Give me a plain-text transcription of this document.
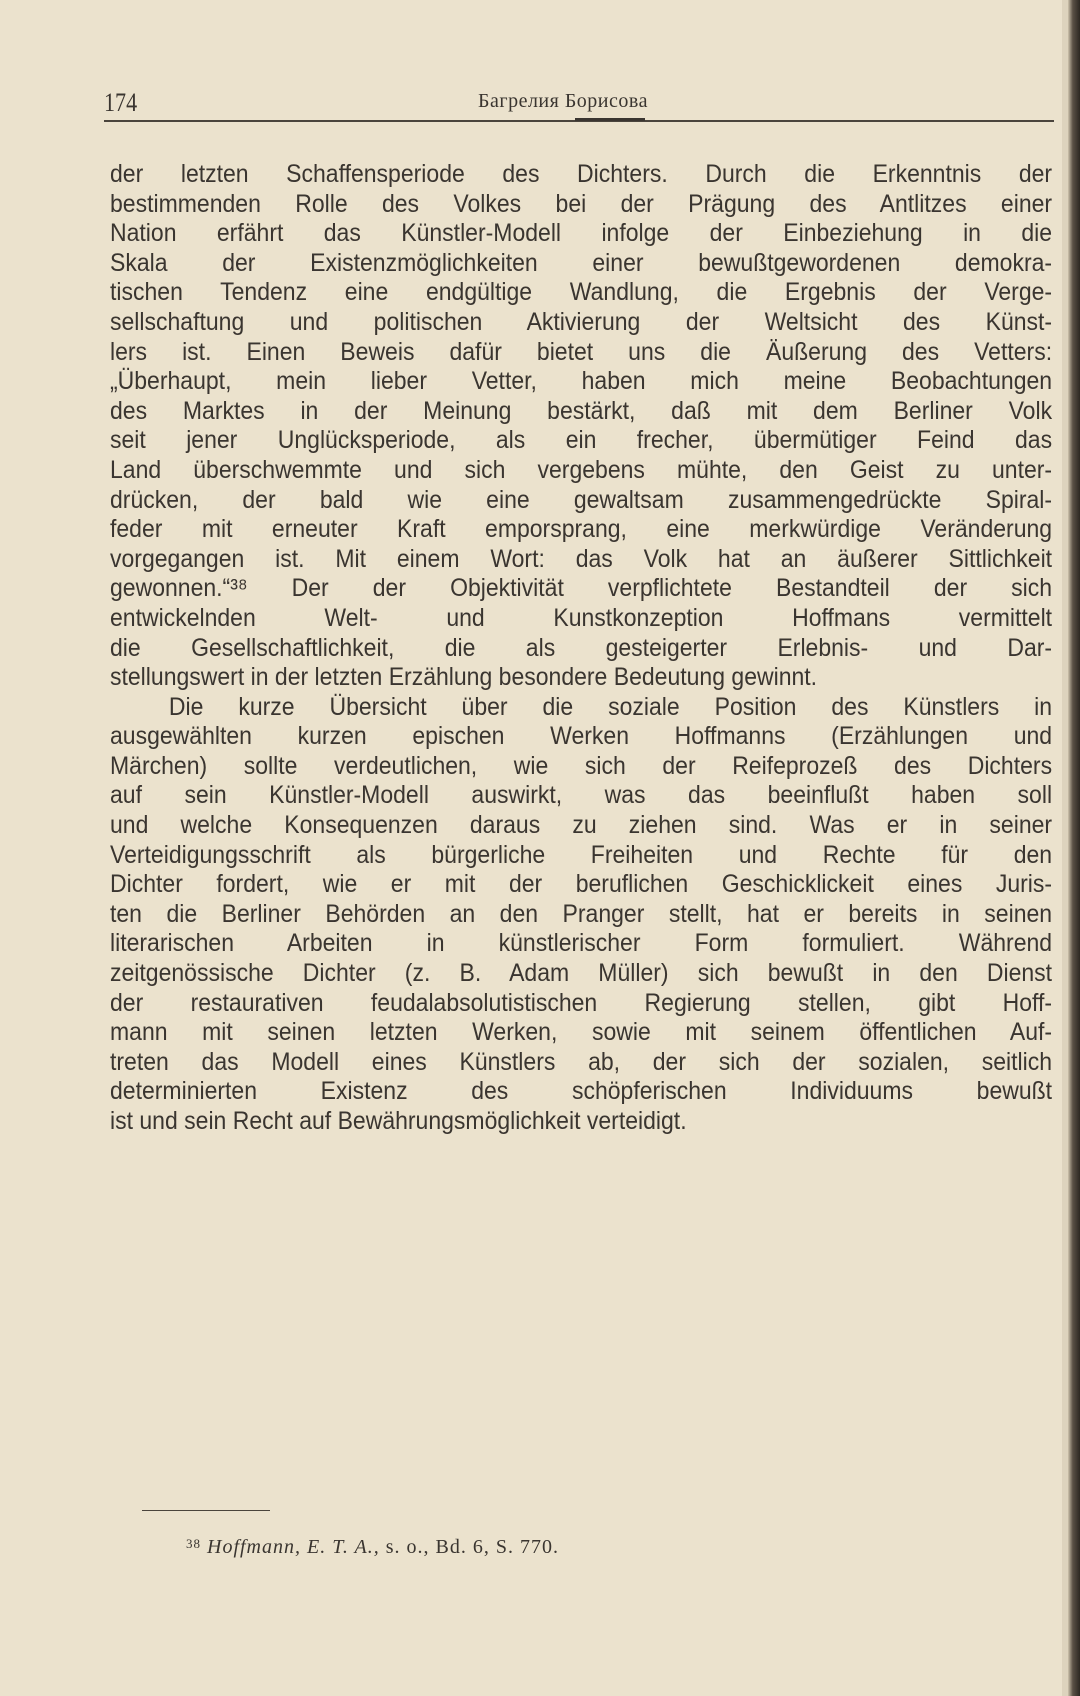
174	Багрелия Борисова
der letzten Schaffensperiode des Dichters. Durch die Erkenntnis der
bestimmenden Rolle des Volkes bei der Prägung des Antlitzes einer
Nation erfährt das Künstler-Modell infolge der Einbeziehung in die
Skala der Existenzmöglichkeiten einer bewußtgewordenen demokra-
tischen Tendenz eine endgültige Wandlung, die Ergebnis der Verge-
sellschaftung und politischen Aktivierung der Weltsicht des Künst-
lers ist. Einen Beweis dafür bietet uns die Äußerung des Vetters:
„Überhaupt, mein lieber Vetter, haben mich meine Beobachtungen
des Marktes in der Meinung bestärkt, daß mit dem Berliner Volk
seit jener Unglücksperiode, als ein frecher, übermütiger Feind das
Land überschwemmte und sich vergebens mühte, den Geist zu unter-
drücken, der bald wie eine gewaltsam zusammengedrückte Spiral-
feder mit erneuter Kraft emporsprang, eine merkwürdige Veränderung
vorgegangen ist. Mit einem Wort: das Volk hat an äußerer Sittlichkeit
gewonnen.“³⁸ Der der Objektivität verpflichtete Bestandteil der sich
entwickelnden Welt- und Kunstkonzeption Hoffmans vermittelt
die Gesellschaftlichkeit, die als gesteigerter Erlebnis- und Dar-
stellungswert in der letzten Erzählung besondere Bedeutung gewinnt.
Die kurze Übersicht über die soziale Position des Künstlers in
ausgewählten kurzen epischen Werken Hoffmanns (Erzählungen und
Märchen) sollte verdeutlichen, wie sich der Reifeprozeß des Dichters
auf sein Künstler-Modell auswirkt, was das beeinflußt haben soll
und welche Konsequenzen daraus zu ziehen sind. Was er in seiner
Verteidigungsschrift als bürgerliche Freiheiten und Rechte für den
Dichter fordert, wie er mit der beruflichen Geschicklickeit eines Juris-
ten die Berliner Behörden an den Pranger stellt, hat er bereits in seinen
literarischen Arbeiten in künstlerischer Form formuliert. Während
zeitgenössische Dichter (z. B. Adam Müller) sich bewußt in den Dienst
der restaurativen feudalabsolutistischen Regierung stellen, gibt Hoff-
mann mit seinen letzten Werken, sowie mit seinem öffentlichen Auf-
treten das Modell eines Künstlers ab, der sich der sozialen, seitlich
determinierten Existenz des schöpferischen Individuums bewußt
ist und sein Recht auf Bewährungsmöglichkeit verteidigt.
$^{38}$ Hoffmann, E. T. A., s. o., Bd. 6, S. 770.
